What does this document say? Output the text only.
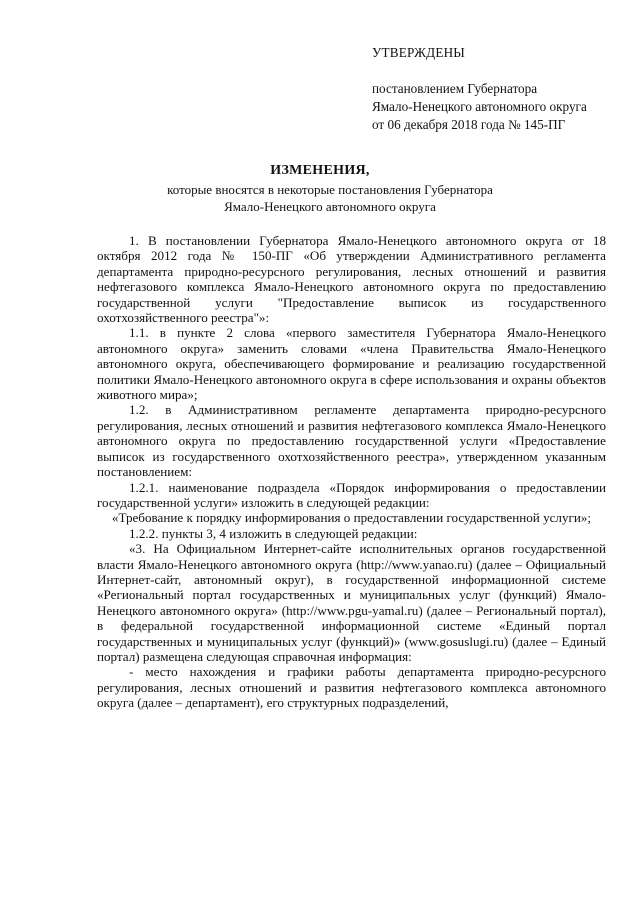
УТВЕРЖДЕНЫ
постановлением Губернатора
Ямало-Ненецкого автономного округа
от 06 декабря 2018 года № 145-ПГ
ИЗМЕНЕНИЯ,
которые вносятся в некоторые постановления Губернатора
Ямало-Ненецкого автономного округа

1. В постановлении Губернатора Ямало-Ненецкого автономного округа от 18 октября 2012 года № 150-ПГ «Об утверждении Административного регламента департамента природно-ресурсного регулирования, лесных отношений и развития нефтегазового комплекса Ямало-Ненецкого автономного округа по предоставлению государственной услуги "Предоставление выписок из государственного охотхозяйственного реестра"»:

1.1. в пункте 2 слова «первого заместителя Губернатора Ямало-Ненецкого автономного округа» заменить словами «члена Правительства Ямало-Ненецкого автономного округа, обеспечивающего формирование и реализацию государственной политики Ямало-Ненецкого автономного округа в сфере использования и охраны объектов животного мира»;

1.2. в Административном регламенте департамента природно-ресурсного регулирования, лесных отношений и развития нефтегазового комплекса Ямало-Ненецкого автономного округа по предоставлению государственной услуги «Предоставление выписок из государственного охотхозяйственного реестра», утвержденном указанным постановлением:

1.2.1. наименование подраздела «Порядок информирования о предоставлении государственной услуги» изложить в следующей редакции:

«Требование к порядку информирования о предоставлении государственной услуги»;

1.2.2. пункты 3, 4 изложить в следующей редакции:

«3. На Официальном Интернет-сайте исполнительных органов государственной власти Ямало-Ненецкого автономного округа (http://www.yanao.ru) (далее – Официальный Интернет-сайт, автономный округ), в государственной информационной системе «Региональный портал государственных и муниципальных услуг (функций) Ямало-Ненецкого автономного округа» (http://www.pgu-yamal.ru) (далее – Региональный портал), в федеральной государственной информационной системе «Единый портал государственных и муниципальных услуг (функций)» (www.gosuslugi.ru) (далее – Единый портал) размещена следующая справочная информация:

- место нахождения и графики работы департамента природно-ресурсного регулирования, лесных отношений и развития нефтегазового комплекса автономного округа (далее – департамент), его структурных подразделений,
